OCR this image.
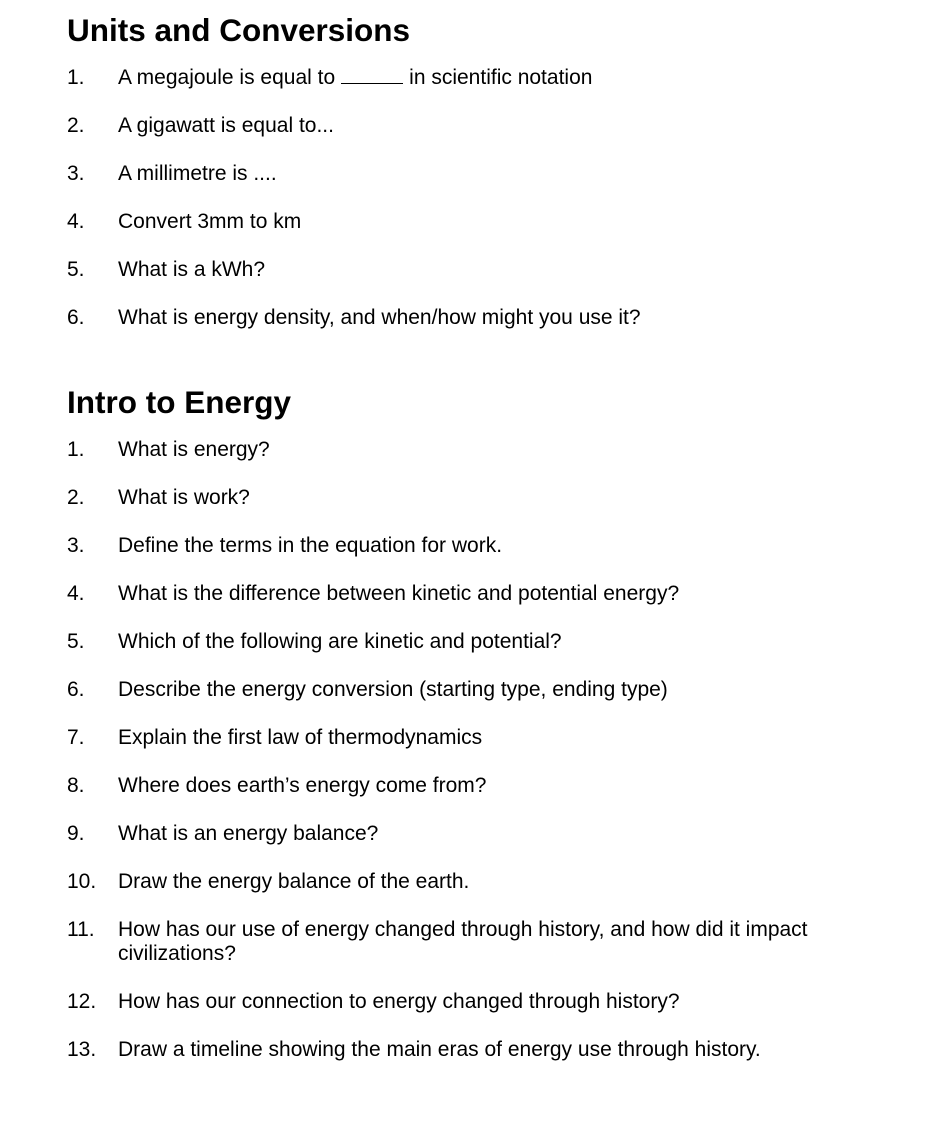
Units and Conversions
1.	A megajoule is equal to	in scientific notation
2.	A gigawatt is equal to...
3.	A millimetre is ....
4.	Convert 3mm to km
5.	What is a kWh?
6.	What is energy density, and when/how might you use it?
Intro to Energy
1.	What is energy?
2.	What is work?
3.	Define the terms in the equation for work.
4.	What is the difference between kinetic and potential energy?
5.	Which of the following are kinetic and potential?
6.	Describe the energy conversion (starting type, ending type)
7.	Explain the first law of thermodynamics
8.	Where does earth’s energy come from?
9.	What is an energy balance?
10.	Draw the energy balance of the earth.
11.	How has our use of energy changed through history, and how did it impact civilizations?
12.	How has our connection to energy changed through history?
13.	Draw a timeline showing the main eras of energy use through history.
